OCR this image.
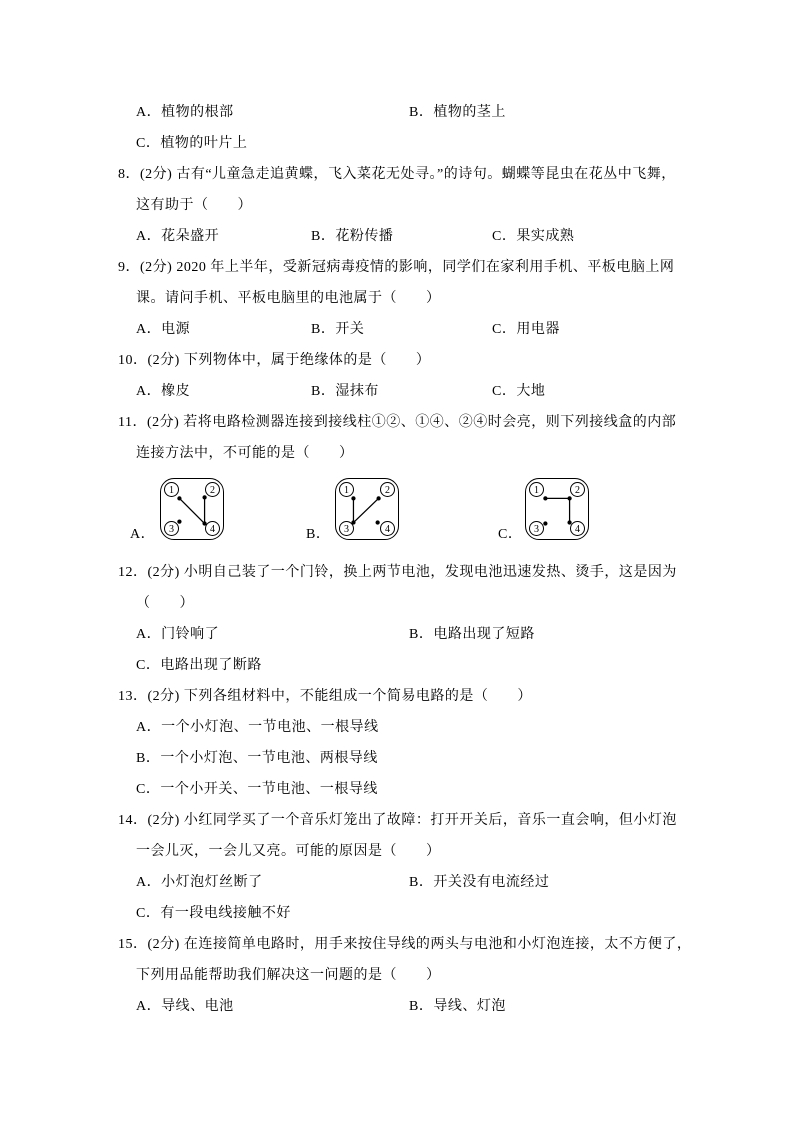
A．植物的根部	B．植物的茎上
C．植物的叶片上
8．(2分) 古有“儿童急走追黄蝶，飞入菜花无处寻。”的诗句。蝴蝶等昆虫在花丛中飞舞，
这有助于（　　）
A．花朵盛开	B．花粉传播	C．果实成熟
9．(2分) 2020 年上半年，受新冠病毒疫情的影响，同学们在家利用手机、平板电脑上网
课。请问手机、平板电脑里的电池属于（　　）
A．电源	B．开关	C．用电器
10．(2分) 下列物体中，属于绝缘体的是（　　）
A．橡皮	B．湿抹布	C．大地
11．(2分) 若将电路检测器连接到接线柱①②、①④、②④时会亮，则下列接线盒的内部
连接方法中，不可能的是（　　）
A．
1	2
3	4	B．
1	2
3	4	C．
1	2
3	4
12．(2分) 小明自己装了一个门铃，换上两节电池，发现电池迅速发热、烫手，这是因为
（　　）
A．门铃响了	B．电路出现了短路
C．电路出现了断路
13．(2分) 下列各组材料中，不能组成一个简易电路的是（　　）
A．一个小灯泡、一节电池、一根导线
B．一个小灯泡、一节电池、两根导线
C．一个小开关、一节电池、一根导线
14．(2分) 小红同学买了一个音乐灯笼出了故障：打开开关后，音乐一直会响，但小灯泡
一会儿灭，一会儿又亮。可能的原因是（　　）
A．小灯泡灯丝断了	B．开关没有电流经过
C．有一段电线接触不好
15．(2分) 在连接简单电路时，用手来按住导线的两头与电池和小灯泡连接，太不方便了，
下列用品能帮助我们解决这一问题的是（　　）
A．导线、电池	B．导线、灯泡
